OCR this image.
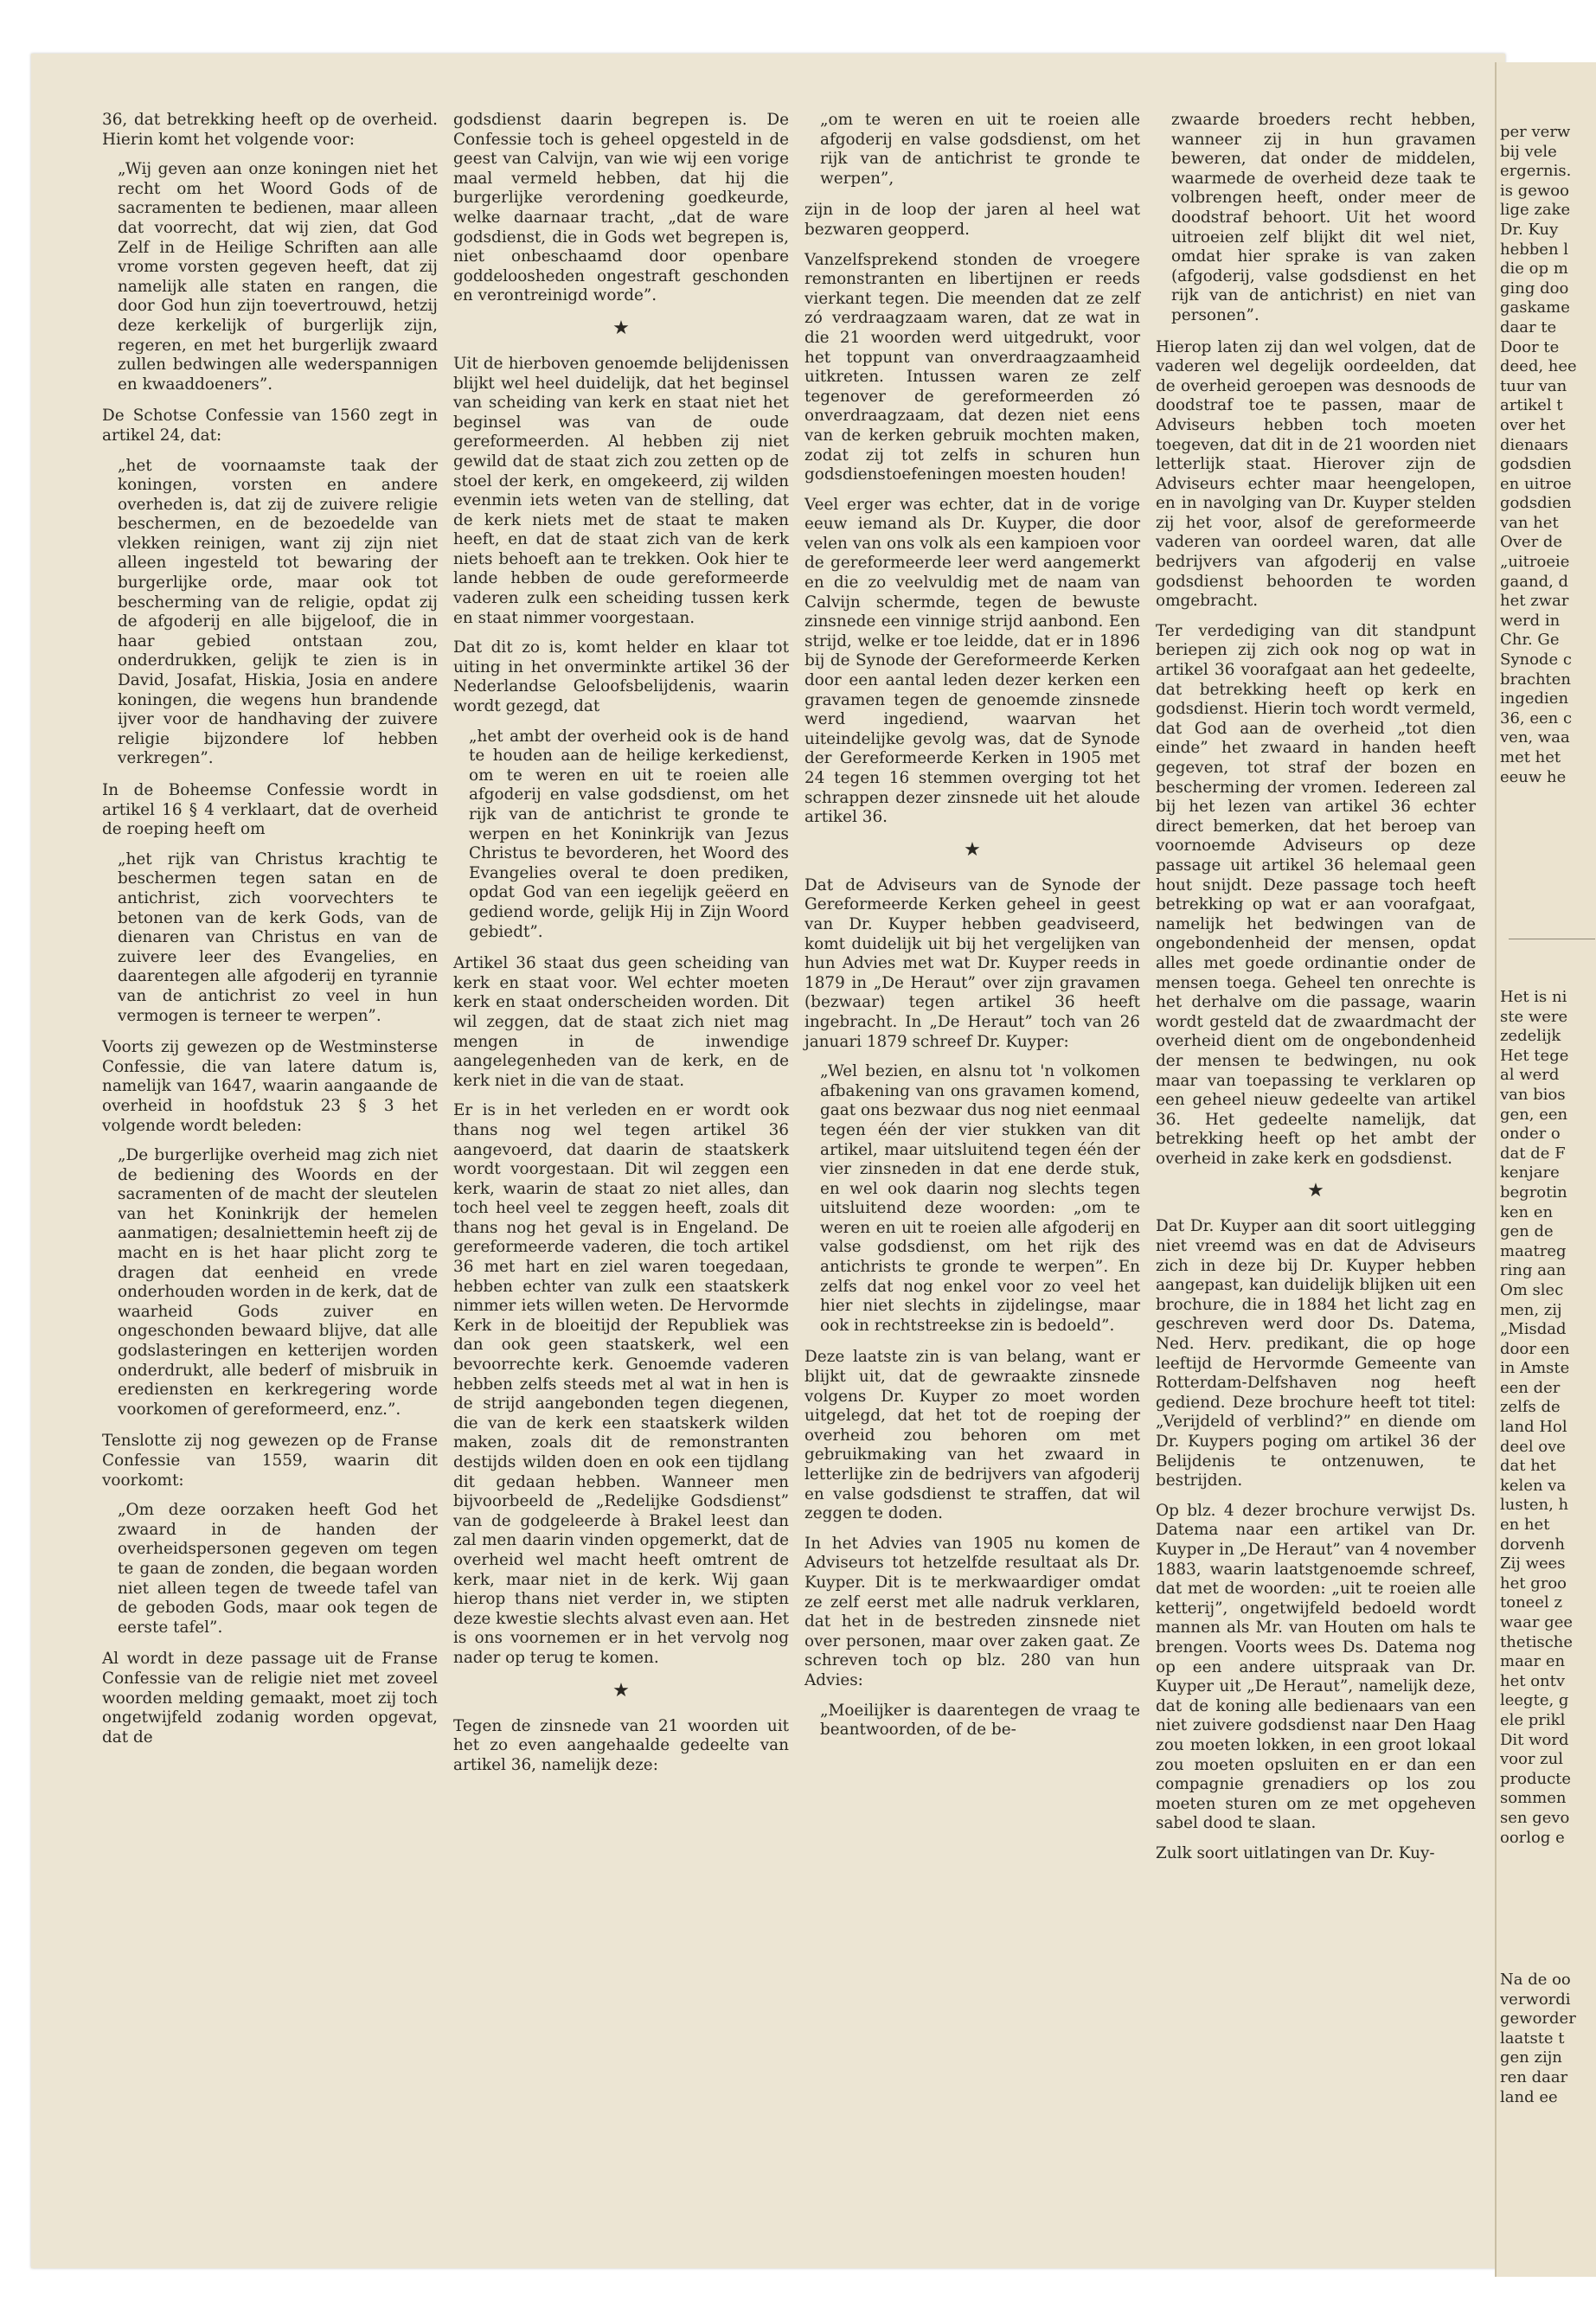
36, dat betrekking heeft op de overheid. Hierin komt het volgende voor:

„Wij geven aan onze koningen niet het recht om het Woord Gods of de sacramenten te bedienen, maar alleen dat voorrecht, dat wij zien, dat God Zelf in de Heilige Schriften aan alle vrome vorsten gegeven heeft, dat zij namelijk alle staten en rangen, die door God hun zijn toevertrouwd, hetzij deze kerkelijk of burgerlijk zijn, regeren, en met het burgerlijk zwaard zullen bedwingen alle wederspannigen en kwaaddoeners”.

De Schotse Confessie van 1560 zegt in artikel 24, dat:

„het de voornaamste taak der koningen, vorsten en andere overheden is, dat zij de zuivere religie beschermen, en de bezoedelde van vlekken reinigen, want zij zijn niet alleen ingesteld tot bewaring der burgerlijke orde, maar ook tot bescherming van de religie, opdat zij de afgoderij en alle bijgeloof, die in haar gebied ontstaan zou, onderdrukken, gelijk te zien is in David, Josafat, Hiskia, Josia en andere koningen, die wegens hun brandende ijver voor de handhaving der zuivere religie bijzondere lof hebben verkregen”.

In de Boheemse Confessie wordt in artikel 16 § 4 verklaart, dat de overheid de roeping heeft om

„het rijk van Christus krachtig te beschermen tegen satan en de antichrist, zich voorvechters te betonen van de kerk Gods, van de dienaren van Christus en van de zuivere leer des Evangelies, en daarentegen alle afgoderij en tyrannie van de antichrist zo veel in hun vermogen is terneer te werpen”.

Voorts zij gewezen op de Westminsterse Confessie, die van latere datum is, namelijk van 1647, waarin aangaande de overheid in hoofdstuk 23 § 3 het volgende wordt beleden:

„De burgerlijke overheid mag zich niet de bediening des Woords en der sacramenten of de macht der sleutelen van het Koninkrijk der hemelen aanmatigen; desalniettemin heeft zij de macht en is het haar plicht zorg te dragen dat eenheid en vrede onderhouden worden in de kerk, dat de waarheid Gods zuiver en ongeschonden bewaard blijve, dat alle godslasteringen en ketterijen worden onderdrukt, alle bederf of misbruik in erediensten en kerkregering worde voorkomen of gereformeerd, enz.”.

Tenslotte zij nog gewezen op de Franse Confessie van 1559, waarin dit voorkomt:

„Om deze oorzaken heeft God het zwaard in de handen der overheidspersonen gegeven om tegen te gaan de zonden, die begaan worden niet alleen tegen de tweede tafel van de geboden Gods, maar ook tegen de eerste tafel”.

Al wordt in deze passage uit de Franse Confessie van de religie niet met zoveel woorden melding gemaakt, moet zij toch ongetwijfeld zodanig worden opgevat, dat de

godsdienst daarin begrepen is. De Confessie toch is geheel opgesteld in de geest van Calvijn, van wie wij een vorige maal vermeld hebben, dat hij die burgerlijke verordening goedkeurde, welke daarnaar tracht, „dat de ware godsdienst, die in Gods wet begrepen is, niet onbeschaamd door openbare goddeloosheden ongestraft geschonden en verontreinigd worde”.

★

Uit de hierboven genoemde belijdenissen blijkt wel heel duidelijk, dat het beginsel van scheiding van kerk en staat niet het beginsel was van de oude gereformeerden. Al hebben zij niet gewild dat de staat zich zou zetten op de stoel der kerk, en omgekeerd, zij wilden evenmin iets weten van de stelling, dat de kerk niets met de staat te maken heeft, en dat de staat zich van de kerk niets behoeft aan te trekken. Ook hier te lande hebben de oude gereformeerde vaderen zulk een scheiding tussen kerk en staat nimmer voorgestaan.

Dat dit zo is, komt helder en klaar tot uiting in het onverminkte artikel 36 der Nederlandse Geloofsbelijdenis, waarin wordt gezegd, dat

„het ambt der overheid ook is de hand te houden aan de heilige kerkedienst, om te weren en uit te roeien alle afgoderij en valse godsdienst, om het rijk van de antichrist te gronde te werpen en het Koninkrijk van Jezus Christus te bevorderen, het Woord des Evangelies overal te doen prediken, opdat God van een iegelijk geëerd en gediend worde, gelijk Hij in Zijn Woord gebiedt”.

Artikel 36 staat dus geen scheiding van kerk en staat voor. Wel echter moeten kerk en staat onderscheiden worden. Dit wil zeggen, dat de staat zich niet mag mengen in de inwendige aangelegenheden van de kerk, en de kerk niet in die van de staat.

Er is in het verleden en er wordt ook thans nog wel tegen artikel 36 aangevoerd, dat daarin de staatskerk wordt voorgestaan. Dit wil zeggen een kerk, waarin de staat zo niet alles, dan toch heel veel te zeggen heeft, zoals dit thans nog het geval is in Engeland. De gereformeerde vaderen, die toch artikel 36 met hart en ziel waren toegedaan, hebben echter van zulk een staatskerk nimmer iets willen weten. De Hervormde Kerk in de bloeitijd der Republiek was dan ook geen staatskerk, wel een bevoorrechte kerk. Genoemde vaderen hebben zelfs steeds met al wat in hen is de strijd aangebonden tegen diegenen, die van de kerk een staatskerk wilden maken, zoals dit de remonstranten destijds wilden doen en ook een tijdlang dit gedaan hebben. Wanneer men bijvoorbeeld de „Redelijke Godsdienst” van de godgeleerde à Brakel leest dan zal men daarin vinden opgemerkt, dat de overheid wel macht heeft omtrent de kerk, maar niet in de kerk. Wij gaan hierop thans niet verder in, we stipten deze kwestie slechts alvast even aan. Het is ons voornemen er in het vervolg nog nader op terug te komen.

★

Tegen de zinsnede van 21 woorden uit het zo even aangehaalde gedeelte van artikel 36, namelijk deze:

„om te weren en uit te roeien alle afgoderij en valse godsdienst, om het rijk van de antichrist te gronde te werpen”,

zijn in de loop der jaren al heel wat bezwaren geopperd.

Vanzelfsprekend stonden de vroegere remonstranten en libertijnen er reeds vierkant tegen. Die meenden dat ze zelf zó verdraagzaam waren, dat ze wat in die 21 woorden werd uitgedrukt, voor het toppunt van onverdraagzaamheid uitkreten. Intussen waren ze zelf tegenover de gereformeerden zó onverdraagzaam, dat dezen niet eens van de kerken gebruik mochten maken, zodat zij tot zelfs in schuren hun godsdienstoefeningen moesten houden!

Veel erger was echter, dat in de vorige eeuw iemand als Dr. Kuyper, die door velen van ons volk als een kampioen voor de gereformeerde leer werd aangemerkt en die zo veelvuldig met de naam van Calvijn schermde, tegen de bewuste zinsnede een vinnige strijd aanbond. Een strijd, welke er toe leidde, dat er in 1896 bij de Synode der Gereformeerde Kerken door een aantal leden dezer kerken een gravamen tegen de genoemde zinsnede werd ingediend, waarvan het uiteindelijke gevolg was, dat de Synode der Gereformeerde Kerken in 1905 met 24 tegen 16 stemmen overging tot het schrappen dezer zinsnede uit het aloude artikel 36.

★

Dat de Adviseurs van de Synode der Gereformeerde Kerken geheel in geest van Dr. Kuyper hebben geadviseerd, komt duidelijk uit bij het vergelijken van hun Advies met wat Dr. Kuyper reeds in 1879 in „De Heraut” over zijn gravamen (bezwaar) tegen artikel 36 heeft ingebracht. In „De Heraut” toch van 26 januari 1879 schreef Dr. Kuyper:

„Wel bezien, en alsnu tot 'n volkomen afbakening van ons gravamen komend, gaat ons bezwaar dus nog niet eenmaal tegen één der vier stukken van dit artikel, maar uitsluitend tegen één der vier zinsneden in dat ene derde stuk, en wel ook daarin nog slechts tegen uitsluitend deze woorden: „om te weren en uit te roeien alle afgoderij en valse godsdienst, om het rijk des antichrists te gronde te werpen”. En zelfs dat nog enkel voor zo veel het hier niet slechts in zijdelingse, maar ook in rechtstreekse zin is bedoeld”.

Deze laatste zin is van belang, want er blijkt uit, dat de gewraakte zinsnede volgens Dr. Kuyper zo moet worden uitgelegd, dat het tot de roeping der overheid zou behoren om met gebruikmaking van het zwaard in letterlijke zin de bedrijvers van afgoderij en valse godsdienst te straffen, dat wil zeggen te doden.

In het Advies van 1905 nu komen de Adviseurs tot hetzelfde resultaat als Dr. Kuyper. Dit is te merkwaardiger omdat ze zelf eerst met alle nadruk verklaren, dat het in de bestreden zinsnede niet over personen, maar over zaken gaat. Ze schreven toch op blz. 280 van hun Advies:

„Moeilijker is daarentegen de vraag te beantwoorden, of de be-

zwaarde broeders recht hebben, wanneer zij in hun gravamen beweren, dat onder de middelen, waarmede de overheid deze taak te volbrengen heeft, onder meer de doodstraf behoort. Uit het woord uitroeien zelf blijkt dit wel niet, omdat hier sprake is van zaken (afgoderij, valse godsdienst en het rijk van de antichrist) en niet van personen”.

Hierop laten zij dan wel volgen, dat de vaderen wel degelijk oordeelden, dat de overheid geroepen was desnoods de doodstraf toe te passen, maar de Adviseurs hebben toch moeten toegeven, dat dit in de 21 woorden niet letterlijk staat. Hierover zijn de Adviseurs echter maar heengelopen, en in navolging van Dr. Kuyper stelden zij het voor, alsof de gereformeerde vaderen van oordeel waren, dat alle bedrijvers van afgoderij en valse godsdienst behoorden te worden omgebracht.

Ter verdediging van dit standpunt beriepen zij zich ook nog op wat in artikel 36 voorafgaat aan het gedeelte, dat betrekking heeft op kerk en godsdienst. Hierin toch wordt vermeld, dat God aan de overheid „tot dien einde” het zwaard in handen heeft gegeven, tot straf der bozen en bescherming der vromen. Iedereen zal bij het lezen van artikel 36 echter direct bemerken, dat het beroep van voornoemde Adviseurs op deze passage uit artikel 36 helemaal geen hout snijdt. Deze passage toch heeft betrekking op wat er aan voorafgaat, namelijk het bedwingen van de ongebondenheid der mensen, opdat alles met goede ordinantie onder de mensen toega. Geheel ten onrechte is het derhalve om die passage, waarin wordt gesteld dat de zwaardmacht der overheid dient om de ongebondenheid der mensen te bedwingen, nu ook maar van toepassing te verklaren op een geheel nieuw gedeelte van artikel 36. Het gedeelte namelijk, dat betrekking heeft op het ambt der overheid in zake kerk en godsdienst.

★

Dat Dr. Kuyper aan dit soort uitlegging niet vreemd was en dat de Adviseurs zich in deze bij Dr. Kuyper hebben aangepast, kan duidelijk blijken uit een brochure, die in 1884 het licht zag en geschreven werd door Ds. Datema, Ned. Herv. predikant, die op hoge leeftijd de Hervormde Gemeente van Rotterdam-Delfshaven nog heeft gediend. Deze brochure heeft tot titel: „Verijdeld of verblind?” en diende om Dr. Kuypers poging om artikel 36 der Belijdenis te ontzenuwen, te bestrijden.

Op blz. 4 dezer brochure verwijst Ds. Datema naar een artikel van Dr. Kuyper in „De Heraut” van 4 november 1883, waarin laatstgenoemde schreef, dat met de woorden: „uit te roeien alle ketterij”, ongetwijfeld bedoeld wordt mannen als Mr. van Houten om hals te brengen. Voorts wees Ds. Datema nog op een andere uitspraak van Dr. Kuyper uit „De Heraut”, namelijk deze, dat de koning alle bedienaars van een niet zuivere godsdienst naar Den Haag zou moeten lokken, in een groot lokaal zou moeten opsluiten en er dan een compagnie grenadiers op los zou moeten sturen om ze met opgeheven sabel dood te slaan.

Zulk soort uitlatingen van Dr. Kuy-

per verw
bij vele
ergernis.
is gewoo
lige zake
Dr. Kuy
hebben l
die op m
ging doo
gaskame
daar te
Door te
deed, hee
tuur van
artikel t
over het
dienaars
godsdien
en uitroe
godsdien
van het
Over de
„uitroeie
gaand, d
het zwar
werd in
Chr. Ge
Synode c
brachten
ingedien
36, een c
ven, waa
met het
eeuw he
Het is ni
ste were
zedelijk
Het tege
al werd
van bios
gen, een
onder o
dat de F
kenjare
begrotin
ken en
gen de
maatreg
ring aan
Om slec
men, zij
„Misdad
door een
in Amste
een der
zelfs de
land Hol
deel ove
dat het
kelen va
lusten, h
en het
dorvenh
Zij wees
het groo
toneel z
waar gee
thetische
maar en
het ontv
leegte, g
ele prikl
Dit word
voor zul
producte
sommen
sen gevo
oorlog e
Na de oo
verwordi
geworder
laatste t
gen zijn
ren daar
land ee
